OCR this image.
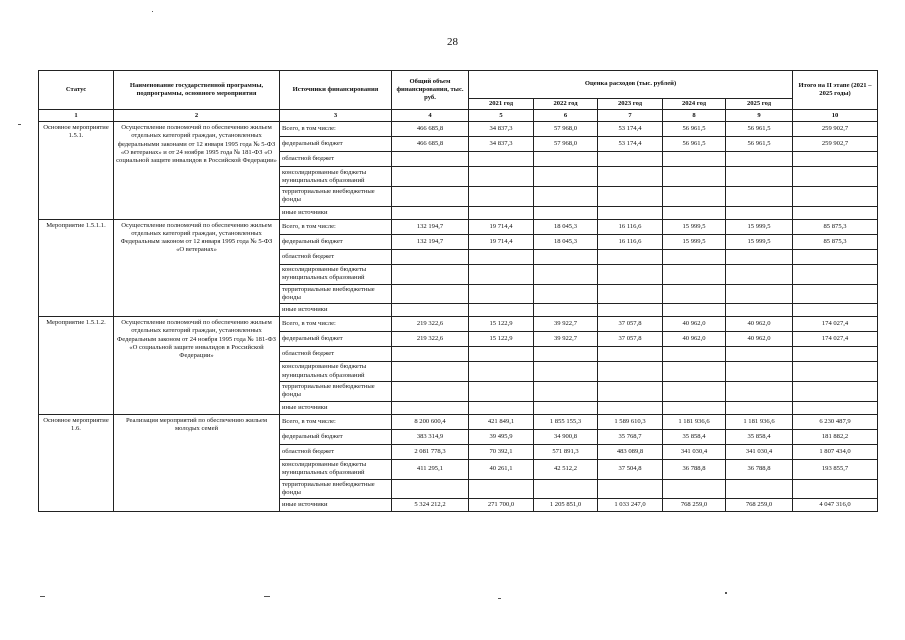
28
Статус	Наименование государственной программы, подпрограммы, основного мероприятия	Источники финансирования	Общий объем финансирования, тыс. руб.	Оценка расходов (тыс. рублей)					Итого на II этапе (2021 – 2025 годы)
				2021 год	2022 год	2023 год	2024 год	2025 год	
1	2	3	4	5	6	7	8	9	10
Основное мероприятие 1.5.1.	Осуществление полномочий по обеспечению жильем отдельных категорий граждан, установленных федеральными законами от 12 января 1995 года № 5-ФЗ «О ветеранах» и от 24 ноября 1995 года № 181-ФЗ «О социальной защите инвалидов в Российской Федерации»	Всего, в том числе:	466 685,8	34 837,3	57 968,0	53 174,4	56 961,5	56 961,5	259 902,7
		федеральный бюджет	466 685,8	34 837,3	57 968,0	53 174,4	56 961,5	56 961,5	259 902,7
		областной бюджет							
		консолидированные бюджеты муниципальных образований							
		территориальные внебюджетные фонды							
		иные источники							
Мероприятие 1.5.1.1.	Осуществление полномочий по обеспечению жильем отдельных категорий граждан, установленных Федеральным законом от 12 января 1995 года № 5-ФЗ «О ветеранах»	Всего, в том числе:	132 194,7	19 714,4	18 045,3	16 116,6	15 999,5	15 999,5	85 875,3
		федеральный бюджет	132 194,7	19 714,4	18 045,3	16 116,6	15 999,5	15 999,5	85 875,3
		областной бюджет							
		консолидированные бюджеты муниципальных образований							
		территориальные внебюджетные фонды							
		иные источники							
Мероприятие 1.5.1.2.	Осуществление полномочий по обеспечению жильем отдельных категорий граждан, установленных Федеральным законом от 24 ноября 1995 года № 181-ФЗ «О социальной защите инвалидов в Российской Федерации»	Всего, в том числе:	219 322,6	15 122,9	39 922,7	37 057,8	40 962,0	40 962,0	174 027,4
		федеральный бюджет	219 322,6	15 122,9	39 922,7	37 057,8	40 962,0	40 962,0	174 027,4
		областной бюджет							
		консолидированные бюджеты муниципальных образований							
		территориальные внебюджетные фонды							
		иные источники							
Основное мероприятие 1.6.	Реализация мероприятий по обеспечению жильем молодых семей	Всего, в том числе:	8 200 600,4	421 849,1	1 855 155,3	1 589 610,3	1 181 936,6	1 181 936,6	6 230 487,9
		федеральный бюджет	383 314,9	39 495,9	34 900,8	35 768,7	35 858,4	35 858,4	181 882,2
		областной бюджет	2 081 778,3	70 392,1	571 891,3	483 089,8	341 030,4	341 030,4	1 807 434,0
		консолидированные бюджеты муниципальных образований	411 295,1	40 261,1	42 512,2	37 504,8	36 788,8	36 788,8	193 855,7
		территориальные внебюджетные фонды							
		иные источники	5 324 212,2	271 700,0	1 205 851,0	1 033 247,0	768 259,0	768 259,0	4 047 316,0
